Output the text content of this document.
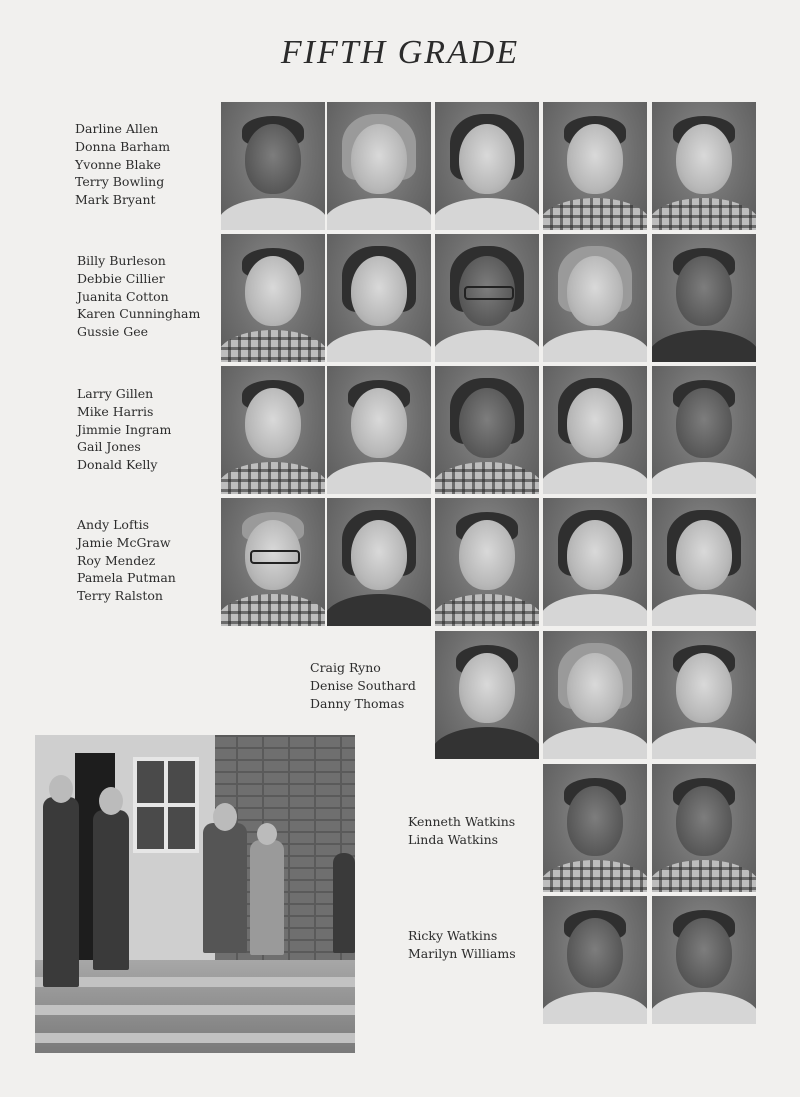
FIFTH GRADE
Darline Allen
Donna Barham
Yvonne Blake
Terry Bowling
Mark Bryant
Billy Burleson
Debbie Cillier
Juanita Cotton
Karen Cunningham
Gussie Gee
Larry Gillen
Mike Harris
Jimmie Ingram
Gail Jones
Donald Kelly
Andy Loftis
Jamie McGraw
Roy Mendez
Pamela Putman
Terry Ralston
Craig Ryno
Denise Southard
Danny Thomas
Kenneth Watkins
Linda Watkins
Ricky Watkins
Marilyn Williams
